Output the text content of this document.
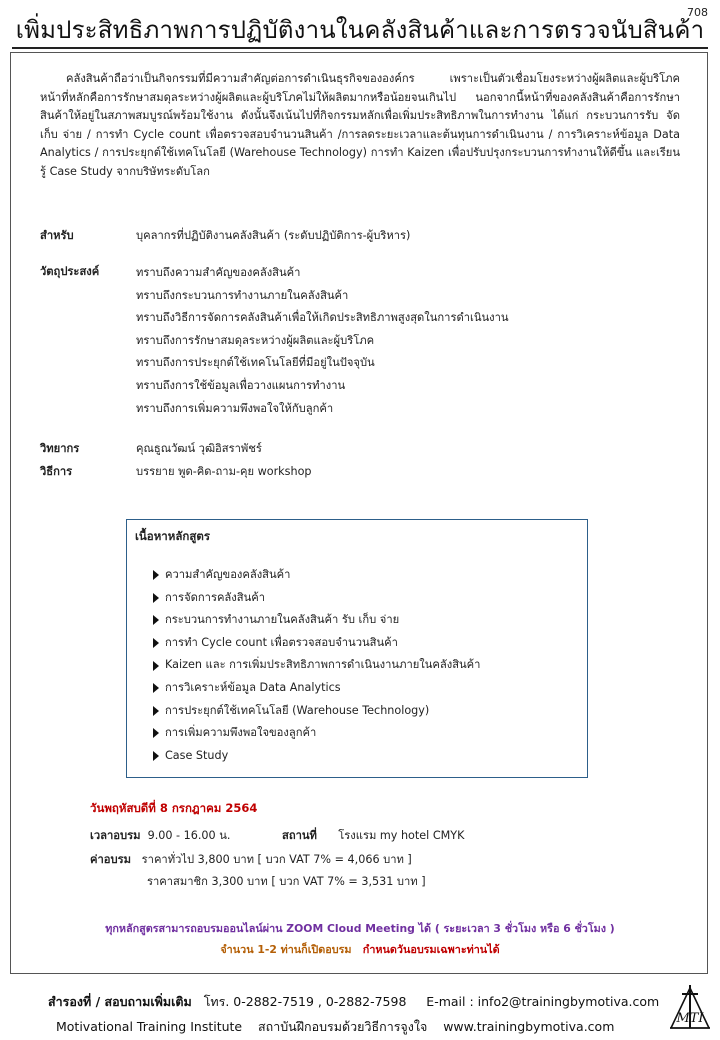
708
เพิ่มประสิทธิภาพการปฏิบัติงานในคลังสินค้าและการตรวจนับสินค้า
คลังสินค้าถือว่าเป็นกิจกรรมที่มีความสำคัญต่อการดำเนินธุรกิจขององค์กร เพราะเป็นตัวเชื่อมโยงระหว่างผู้ผลิตและผู้บริโภค หน้าที่หลักคือการรักษาสมดุลระหว่างผู้ผลิตและผู้บริโภคไม่ให้ผลิตมากหรือน้อยจนเกินไป นอกจากนี้หน้าที่ของคลังสินค้าคือการรักษาสินค้าให้อยู่ในสภาพสมบูรณ์พร้อมใช้งาน ดังนั้นจึงเน้นไปที่กิจกรรมหลักเพื่อเพิ่มประสิทธิภาพในการทำงาน ได้แก่ กระบวนการรับ จัดเก็บ จ่าย / การทำ Cycle count เพื่อตรวจสอบจำนวนสินค้า /การลดระยะเวลาและต้นทุนการดำเนินงาน / การวิเคราะห์ข้อมูล Data Analytics / การประยุกต์ใช้เทคโนโลยี (Warehouse Technology) การทำ Kaizen เพื่อปรับปรุงกระบวนการทำงานให้ดีขึ้น และเรียนรู้ Case Study จากบริษัทระดับโลก
สำหรับ	บุคลากรที่ปฏิบัติงานคลังสินค้า (ระดับปฏิบัติการ-ผู้บริหาร)
วัตถุประสงค์	ทราบถึงความสำคัญของคลังสินค้า
ทราบถึงกระบวนการทำงานภายในคลังสินค้า
ทราบถึงวิธีการจัดการคลังสินค้าเพื่อให้เกิดประสิทธิภาพสูงสุดในการดำเนินงาน
ทราบถึงการรักษาสมดุลระหว่างผู้ผลิตและผู้บริโภค
ทราบถึงการประยุกต์ใช้เทคโนโลยีที่มีอยู่ในปัจจุบัน
ทราบถึงการใช้ข้อมูลเพื่อวางแผนการทำงาน
ทราบถึงการเพิ่มความพึงพอใจให้กับลูกค้า
วิทยากร	คุณธูณวัฒน์ วุฒิอิสราพัชร์
วิธีการ	บรรยาย พูด-คิด-ถาม-คุย workshop
เนื้อหาหลักสูตร
ความสำคัญของคลังสินค้า
การจัดการคลังสินค้า
กระบวนการทำงานภายในคลังสินค้า รับ เก็บ จ่าย
การทำ Cycle count เพื่อตรวจสอบจำนวนสินค้า
Kaizen และ การเพิ่มประสิทธิภาพการดำเนินงานภายในคลังสินค้า
การวิเคราะห์ข้อมูล Data Analytics
การประยุกต์ใช้เทคโนโลยี (Warehouse Technology)
การเพิ่มความพึงพอใจของลูกค้า
Case Study
วันพฤหัสบดีที่ 8 กรกฎาคม 2564
เวลาอบรม 9.00 - 16.00 น.	สถานที่ โรงแรม my hotel CMYK
ค่าอบรม ราคาทั่วไป 3,800 บาท [ บวก VAT 7% = 4,066 บาท ]
ราคาสมาชิก 3,300 บาท [ บวก VAT 7% = 3,531 บาท ]
ทุกหลักสูตรสามารถอบรมออนไลน์ผ่าน ZOOM Cloud Meeting ได้ ( ระยะเวลา 3 ชั่วโมง หรือ 6 ชั่วโมง )
จำนวน 1-2 ท่านก็เปิดอบรม กำหนดวันอบรมเฉพาะท่านได้
สำรองที่ / สอบถามเพิ่มเติม โทร. 0-2882-7519 , 0-2882-7598 E-mail : info2@trainingbymotiva.com
Motivational Training Institute สถาบันฝึกอบรมด้วยวิธีการจูงใจ www.trainingbymotiva.com
MTI
